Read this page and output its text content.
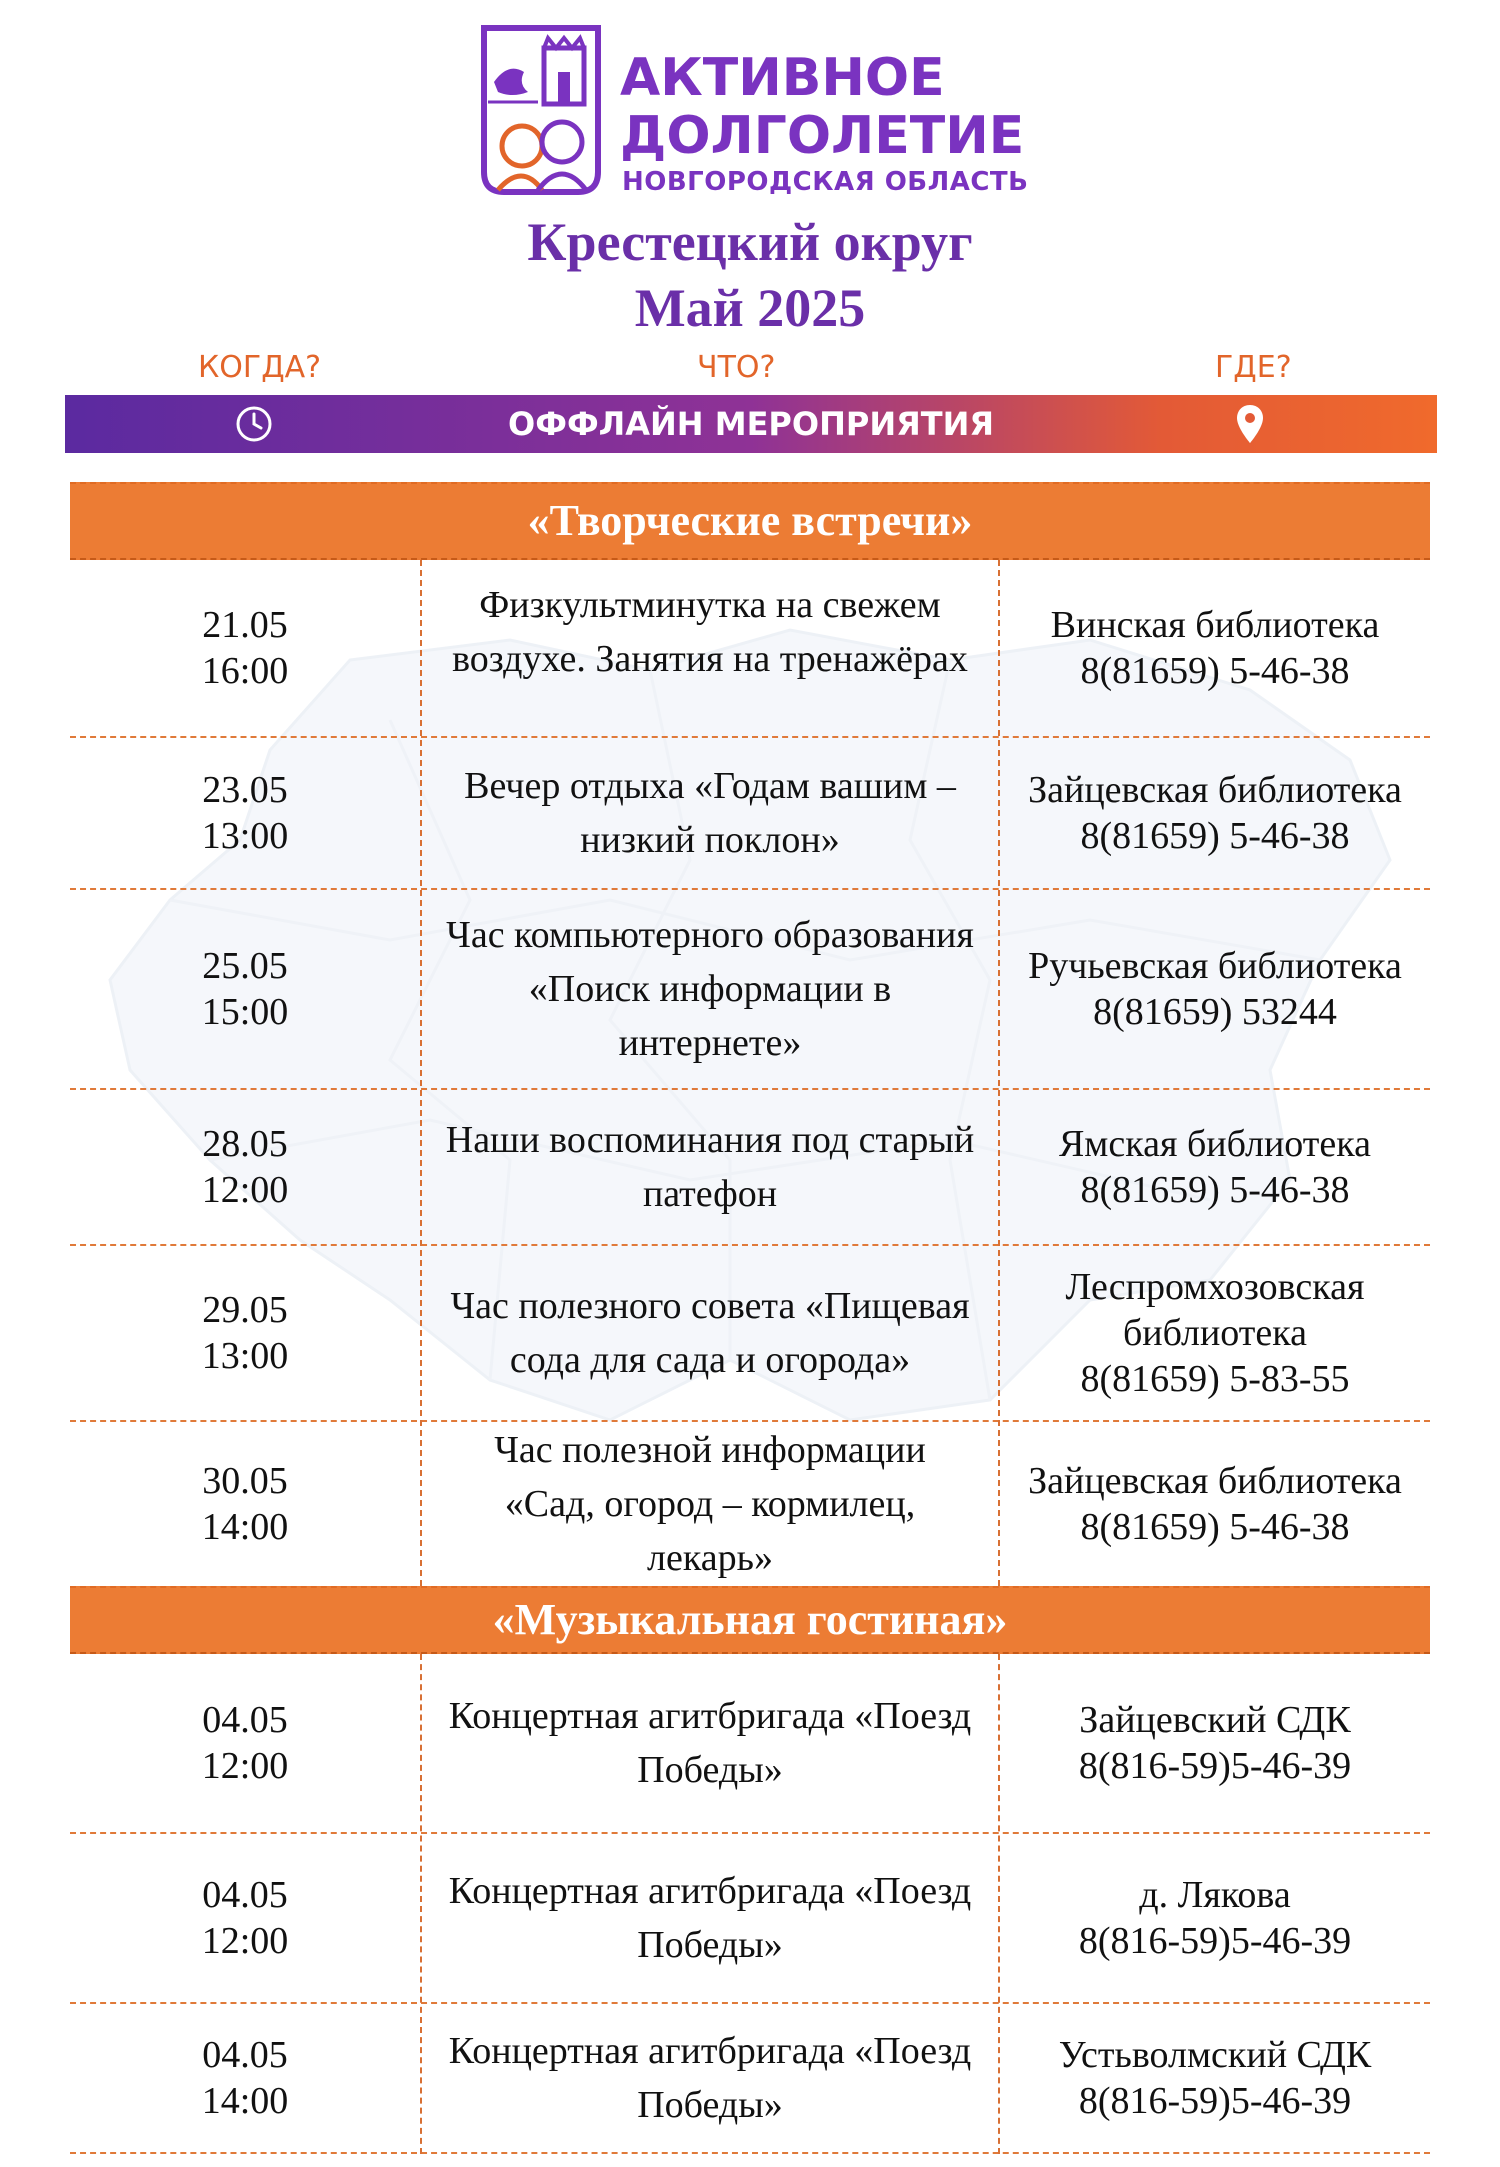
АКТИВНОЕ
ДОЛГОЛЕТИЕ
НОВГОРОДСКАЯ ОБЛАСТЬ
Крестецкий округ
Май 2025
КОГДА?	ЧТО?	ГДЕ?
ОФФЛАЙН МЕРОПРИЯТИЯ
«Творческие встречи»
21.05
16:00
Физкультминутка на свежем
воздухе. Занятия на тренажёрах
Винская библиотека
8(81659) 5-46-38
23.05
13:00
Вечер отдыха «Годам вашим –
низкий поклон»
Зайцевская библиотека
8(81659) 5-46-38
25.05
15:00
Час компьютерного образования
«Поиск информации в
интернете»
Ручьевская библиотека
8(81659) 53244
28.05
12:00
Наши воспоминания под старый
патефон
Ямская библиотека
8(81659) 5-46-38
29.05
13:00
Час полезного совета «Пищевая
сода для сада и огорода»
Леспромхозовская
библиотека
8(81659) 5-83-55
30.05
14:00
Час полезной информации
«Сад, огород – кормилец,
лекарь»
Зайцевская библиотека
8(81659) 5-46-38
«Музыкальная гостиная»
04.05
12:00
Концертная агитбригада «Поезд
Победы»
Зайцевский СДК
8(816-59)5-46-39
04.05
12:00
Концертная агитбригада «Поезд
Победы»
д. Лякова
8(816-59)5-46-39
04.05
14:00
Концертная агитбригада «Поезд
Победы»
Устьволмский СДК
8(816-59)5-46-39
